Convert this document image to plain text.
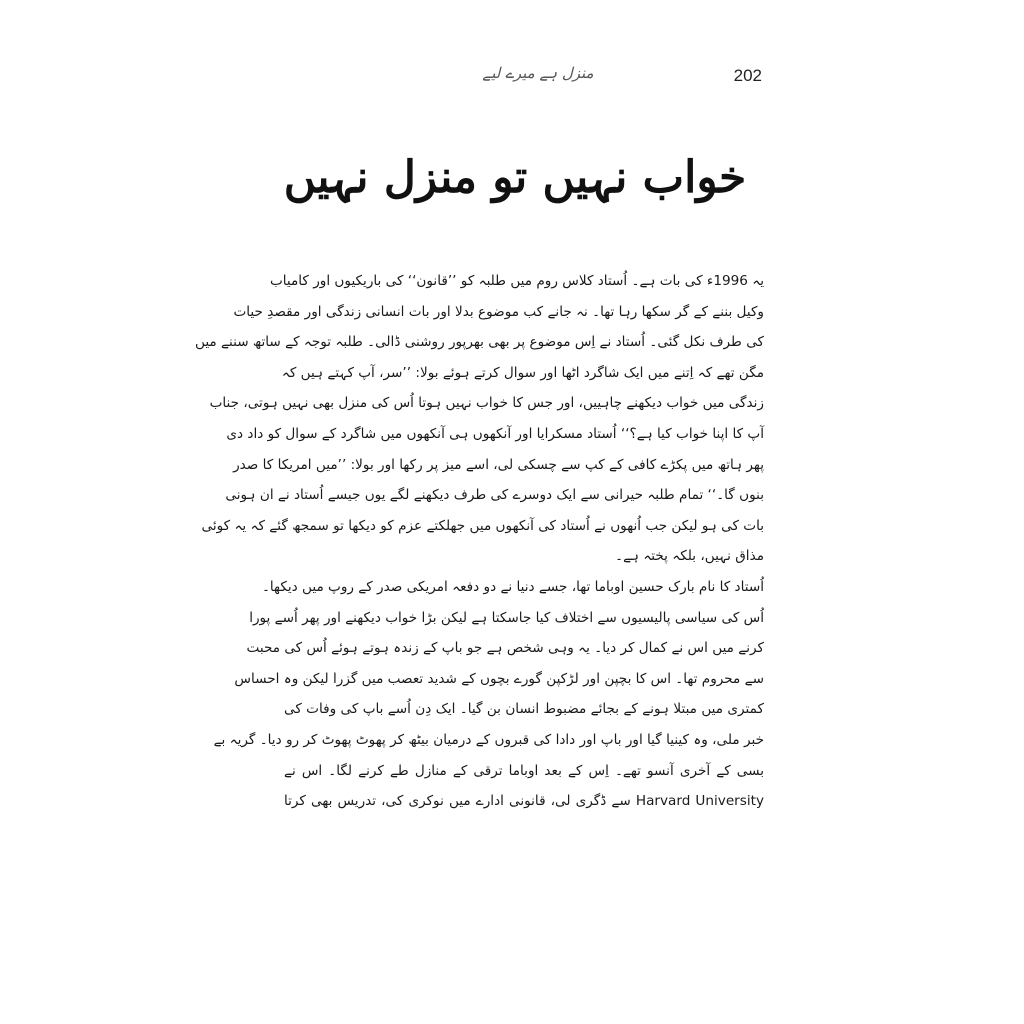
منزل ہے میرے لیے	202
خواب نہیں تو منزل نہیں
یہ 1996ء کی بات ہے۔ اُستاد کلاس روم میں طلبہ کو ’’قانون‘‘ کی باریکیوں اور کامیاب
وکیل بننے کے گر سکھا رہا تھا۔ نہ جانے کب موضوع بدلا اور بات انسانی زندگی اور مقصدِ حیات
کی طرف نکل گئی۔ اُستاد نے اِس موضوع پر بھی بھرپور روشنی ڈالی۔ طلبہ توجہ کے ساتھ سننے میں
مگن تھے کہ اِتنے میں ایک شاگرد اٹھا اور سوال کرتے ہوئے بولا: ’’سر، آپ کہتے ہیں کہ
زندگی میں خواب دیکھنے چاہییں، اور جس کا خواب نہیں ہوتا اُس کی منزل بھی نہیں ہوتی، جناب
آپ کا اپنا خواب کیا ہے؟‘‘ اُستاد مسکرایا اور آنکھوں ہی آنکھوں میں شاگرد کے سوال کو داد دی
پھر ہاتھ میں پکڑے کافی کے کپ سے چسکی لی، اسے میز پر رکھا اور بولا: ’’میں امریکا کا صدر
بنوں گا۔‘‘ تمام طلبہ حیرانی سے ایک دوسرے کی طرف دیکھنے لگے یوں جیسے اُستاد نے ان ہونی
بات کی ہو لیکن جب اُنھوں نے اُستاد کی آنکھوں میں جھلکتے عزم کو دیکھا تو سمجھ گئے کہ یہ کوئی
مذاق نہیں، بلکہ پختہ ہے۔
اُستاد کا نام بارک حسین اوباما تھا، جسے دنیا نے دو دفعہ امریکی صدر کے روپ میں دیکھا۔
اُس کی سیاسی پالیسیوں سے اختلاف کیا جاسکتا ہے لیکن بڑا خواب دیکھنے اور پھر اُسے پورا
کرنے میں اس نے کمال کر دیا۔ یہ وہی شخص ہے جو باپ کے زندہ ہوتے ہوئے اُس کی محبت
سے محروم تھا۔ اس کا بچپن اور لڑکپن گورے بچوں کے شدید تعصب میں گزرا لیکن وہ احساس
کمتری میں مبتلا ہونے کے بجائے مضبوط انسان بن گیا۔ ایک دِن اُسے باپ کی وفات کی
خبر ملی، وہ کینیا گیا اور باپ اور دادا کی قبروں کے درمیان بیٹھ کر پھوٹ پھوٹ کر رو دیا۔ گریہ بے
بسی کے آخری آنسو تھے۔ اِس کے بعد اوباما ترقی کے منازل طے کرنے لگا۔ اس نے
Harvard University سے ڈگری لی، قانونی ادارے میں نوکری کی، تدریس بھی کرتا
